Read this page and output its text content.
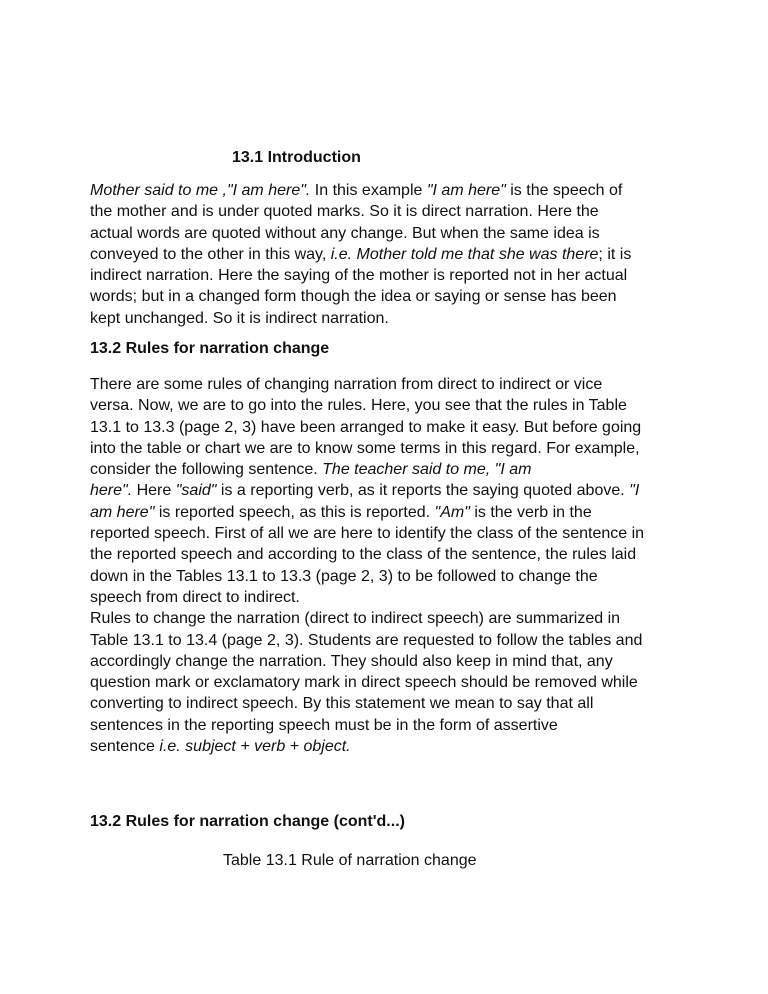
13.1 Introduction
Mother said to me ,"I am here". In this example "I am here" is the speech of
the mother and is under quoted marks. So it is direct narration. Here the
actual words are quoted without any change. But when the same idea is
conveyed to the other in this way, i.e. Mother told me that she was there; it is
indirect narration. Here the saying of the mother is reported not in her actual
words; but in a changed form though the idea or saying or sense has been
kept unchanged. So it is indirect narration.
13.2 Rules for narration change
There are some rules of changing narration from direct to indirect or vice
versa. Now, we are to go into the rules. Here, you see that the rules in Table
13.1 to 13.3 (page 2, 3) have been arranged to make it easy. But before going
into the table or chart we are to know some terms in this regard. For example,
consider the following sentence. The teacher said to me, "I am
here". Here "said" is a reporting verb, as it reports the saying quoted above. "I
am here" is reported speech, as this is reported. "Am" is the verb in the
reported speech. First of all we are here to identify the class of the sentence in
the reported speech and according to the class of the sentence, the rules laid
down in the Tables 13.1 to 13.3 (page 2, 3) to be followed to change the
speech from direct to indirect.
Rules to change the narration (direct to indirect speech) are summarized in
Table 13.1 to 13.4 (page 2, 3). Students are requested to follow the tables and
accordingly change the narration. They should also keep in mind that, any
question mark or exclamatory mark in direct speech should be removed while
converting to indirect speech. By this statement we mean to say that all
sentences in the reporting speech must be in the form of assertive
sentence i.e. subject + verb + object.
13.2 Rules for narration change (cont'd...)
Table 13.1 Rule of narration change
